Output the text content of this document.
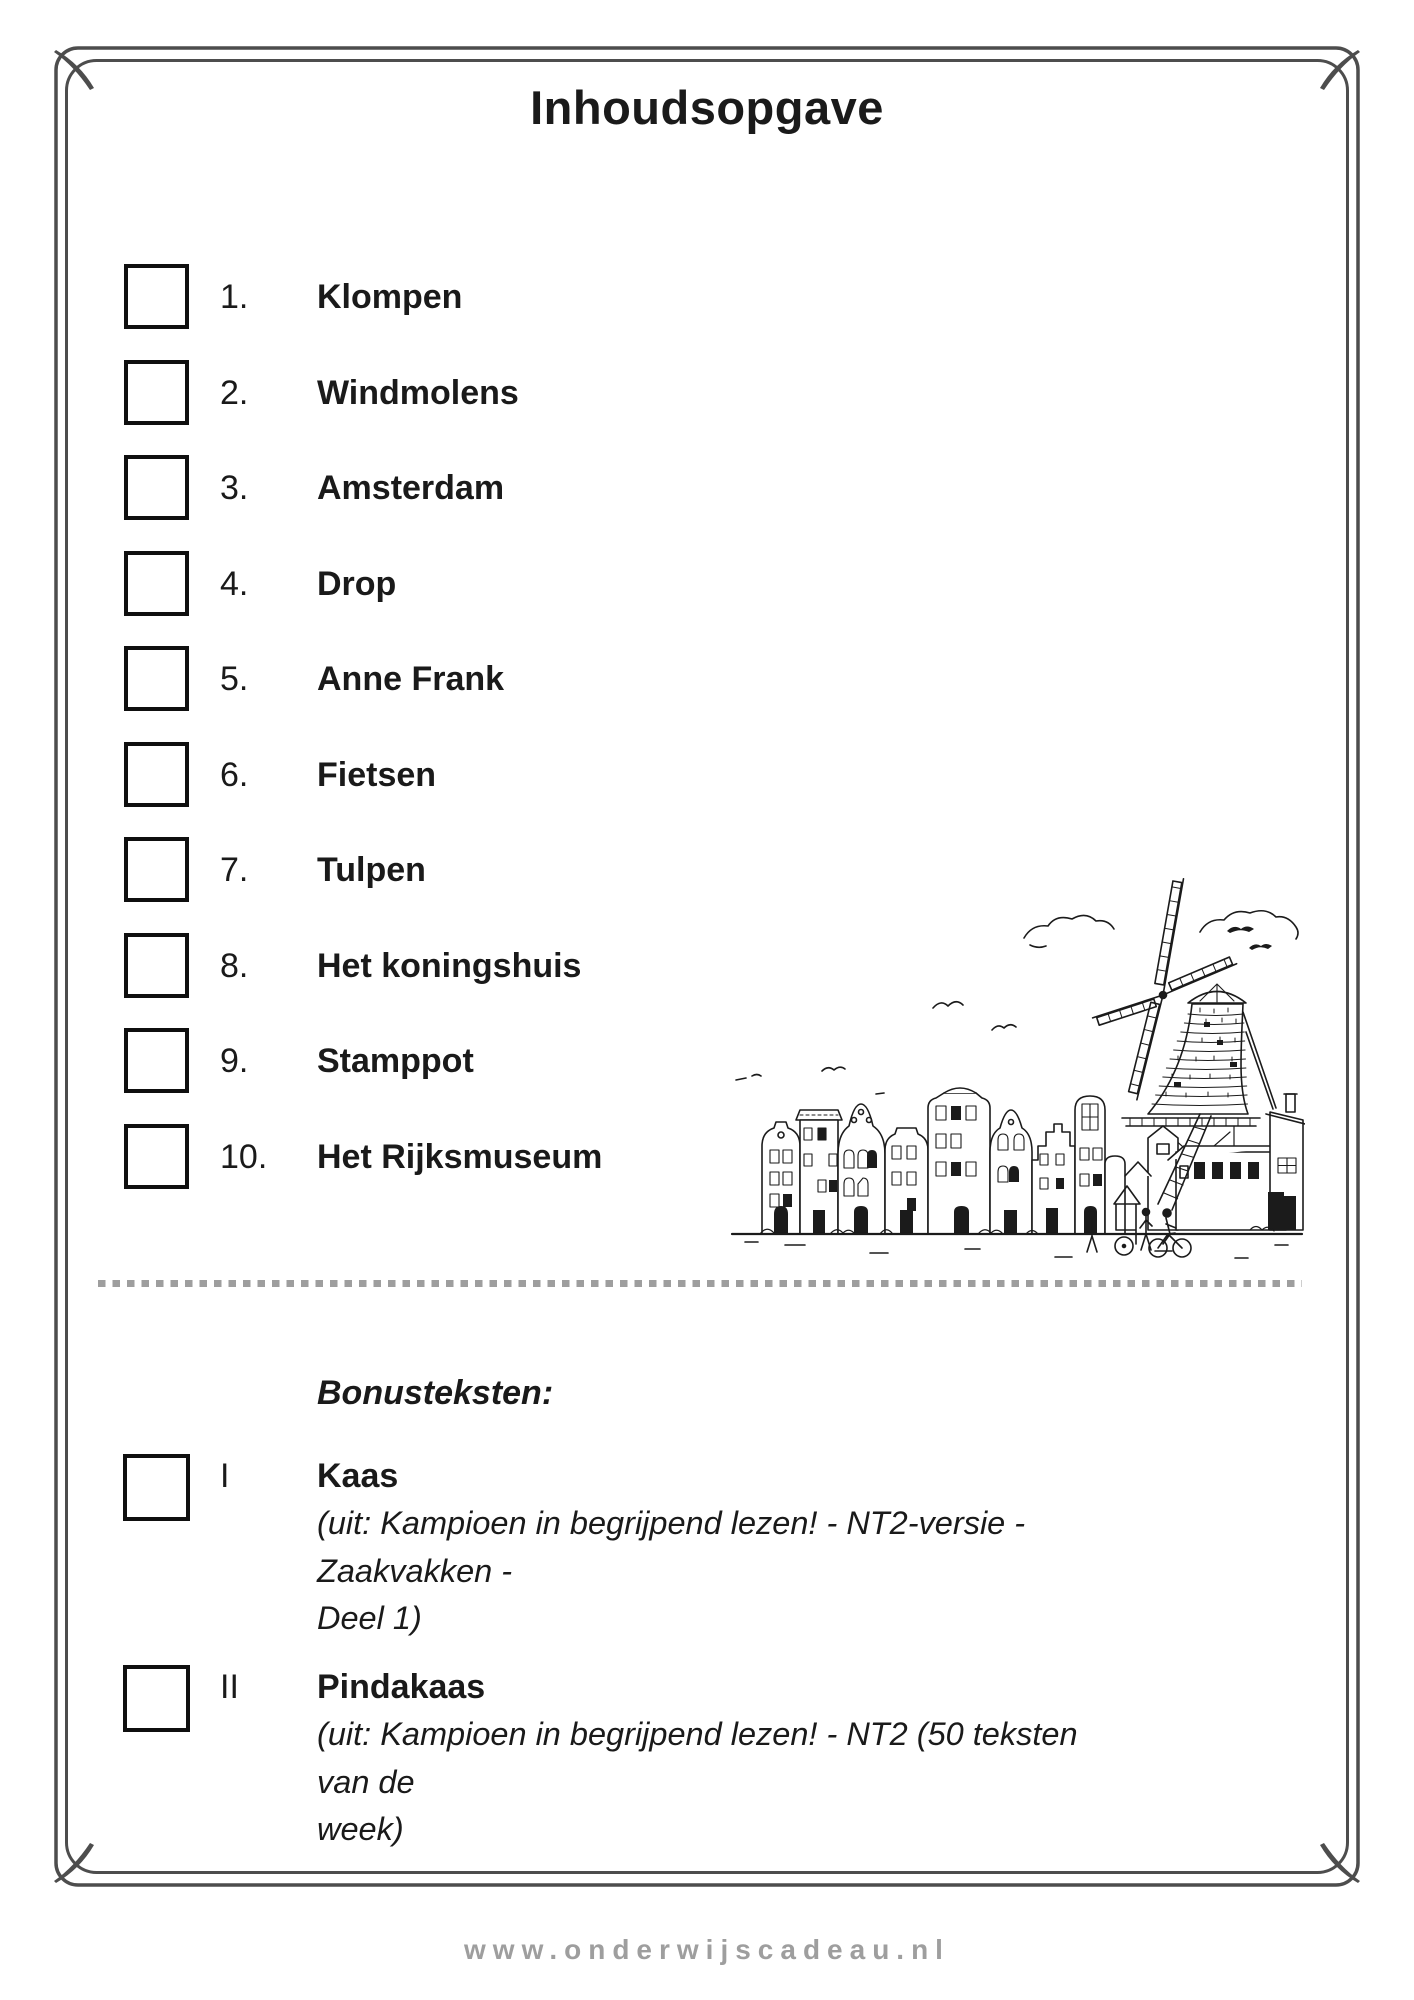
Inhoudsopgave
1. Klompen
2. Windmolens
3. Amsterdam
4. Drop
5. Anne Frank
6. Fietsen
7. Tulpen
8. Het koningshuis
9. Stamppot
10. Het Rijksmuseum
Bonusteksten:
I	Kaas
(uit: Kampioen in begrijpend lezen! - NT2-versie - Zaakvakken -
Deel 1)
II Pindakaas
(uit: Kampioen in begrijpend lezen! - NT2 (50 teksten van de
week)
www.onderwijscadeau.nl
